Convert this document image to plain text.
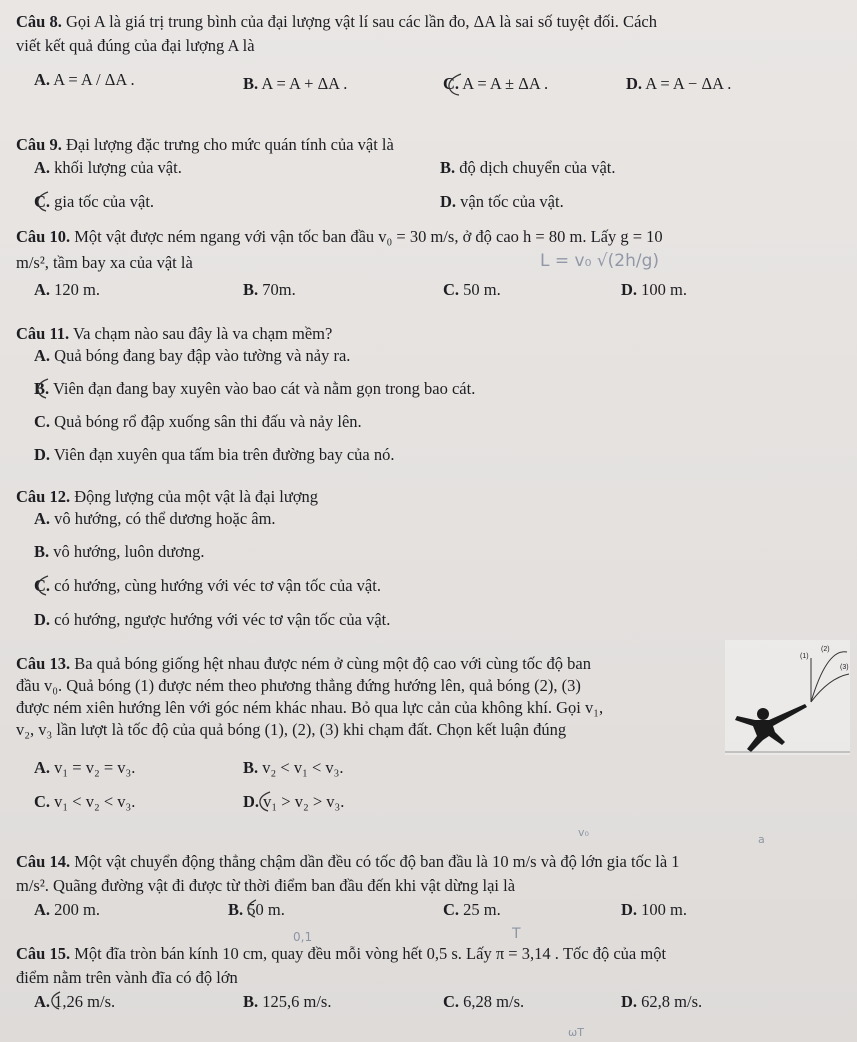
Câu 8. Gọi A là giá trị trung bình của đại lượng vật lí sau các lần đo, ΔA là sai số tuyệt đối. Cách
viết kết quả đúng của đại lượng A là
A. A = A / ΔA .	B. A = A + ΔA .	C. A = A ± ΔA .	D. A = A − ΔA .
Câu 9. Đại lượng đặc trưng cho mức quán tính của vật là
A. khối lượng của vật.	B. độ dịch chuyển của vật.
C. gia tốc của vật.	D. vận tốc của vật.
Câu 10. Một vật được ném ngang với vận tốc ban đầu v₀ = 30 m/s, ở độ cao h = 80 m. Lấy g = 10
m/s², tầm bay xa của vật là	L = v₀ √(2h/g)
A. 120 m.	B. 70m.	C. 50 m.	D. 100 m.
Câu 11. Va chạm nào sau đây là va chạm mềm?
A. Quả bóng đang bay đập vào tường và nảy ra.
B. Viên đạn đang bay xuyên vào bao cát và nằm gọn trong bao cát.
C. Quả bóng rổ đập xuống sân thi đấu và nảy lên.
D. Viên đạn xuyên qua tấm bia trên đường bay của nó.
Câu 12. Động lượng của một vật là đại lượng
A. vô hướng, có thể dương hoặc âm.
B. vô hướng, luôn dương.
C. có hướng, cùng hướng với véc tơ vận tốc của vật.
D. có hướng, ngược hướng với véc tơ vận tốc của vật.
Câu 13. Ba quả bóng giống hệt nhau được ném ở cùng một độ cao với cùng tốc độ ban
đầu v₀. Quả bóng (1) được ném theo phương thẳng đứng hướng lên, quả bóng (2), (3)
được ném xiên hướng lên với góc ném khác nhau. Bỏ qua lực cản của không khí. Gọi v₁,
v₂, v₃ lần lượt là tốc độ của quả bóng (1), (2), (3) khi chạm đất. Chọn kết luận đúng
(1)
(2)
(3)
A. v₁ = v₂ = v₃.	B. v₂ < v₁ < v₃.
C. v₁ < v₂ < v₃.	D. v₁ > v₂ > v₃.
v₀
a
Câu 14. Một vật chuyển động thẳng chậm dần đều có tốc độ ban đầu là 10 m/s và độ lớn gia tốc là 1
m/s². Quãng đường vật đi được từ thời điểm ban đầu đến khi vật dừng lại là
A. 200 m.	B. 50 m.	C. 25 m.	D. 100 m.
0,1	T
Câu 15. Một đĩa tròn bán kính 10 cm, quay đều mỗi vòng hết 0,5 s. Lấy π = 3,14 . Tốc độ của một
điểm nằm trên vành đĩa có độ lớn
A. 1,26 m/s.	B. 125,6 m/s.	C. 6,28 m/s.	D. 62,8 m/s.
ωT
